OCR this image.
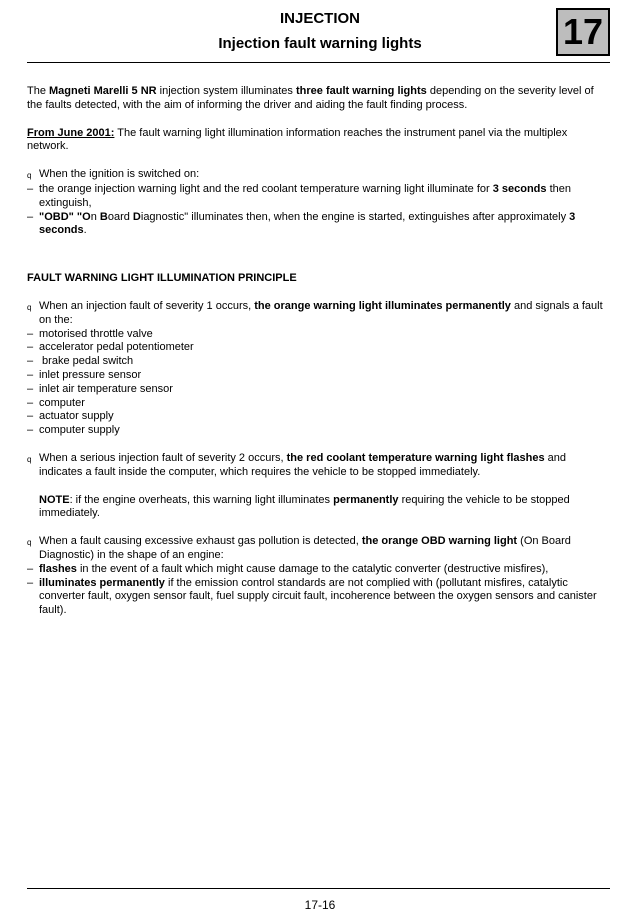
INJECTION
Injection fault warning lights	17

The Magneti Marelli 5 NR injection system illuminates three fault warning lights depending on the severity level of the faults detected, with the aim of informing the driver and aiding the fault finding process.

From June 2001: The fault warning light illumination information reaches the instrument panel via the multiplex network.

q When the ignition is switched on:
– the orange injection warning light and the red coolant temperature warning light illuminate for 3 seconds then extinguish,
– "OBD" "On Board Diagnostic" illuminates then, when the engine is started, extinguishes after approximately 3 seconds.

FAULT WARNING LIGHT ILLUMINATION PRINCIPLE

q When an injection fault of severity 1 occurs, the orange warning light illuminates permanently and signals a fault on the:
– motorised throttle valve
– accelerator pedal potentiometer
– brake pedal switch
– inlet pressure sensor
– inlet air temperature sensor
– computer
– actuator supply
– computer supply
q When a serious injection fault of severity 2 occurs, the red coolant temperature warning light flashes and indicates a fault inside the computer, which requires the vehicle to be stopped immediately.

NOTE: if the engine overheats, this warning light illuminates permanently requiring the vehicle to be stopped immediately.

q When a fault causing excessive exhaust gas pollution is detected, the orange OBD warning light (On Board Diagnostic) in the shape of an engine:
– flashes in the event of a fault which might cause damage to the catalytic converter (destructive misfires),
– illuminates permanently if the emission control standards are not complied with (pollutant misfires, catalytic converter fault, oxygen sensor fault, fuel supply circuit fault, incoherence between the oxygen sensors and canister fault).
17-16
